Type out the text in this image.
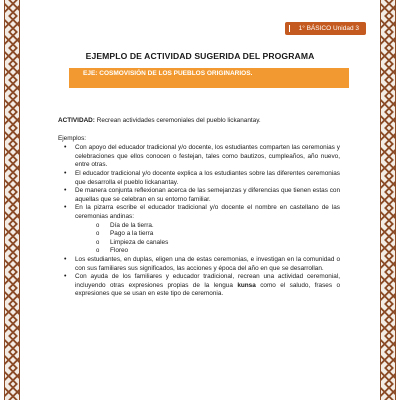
1° BÁSICO Unidad 3
EJEMPLO DE ACTIVIDAD SUGERIDA DEL PROGRAMA
EJE: COSMOVISIÓN DE LOS PUEBLOS ORIGINARIOS.

ACTIVIDAD: Recrean actividades ceremoniales del pueblo lickanantay.

Ejemplos:

• Con apoyo del educador tradicional y/o docente, los estudiantes comparten las ceremonias y celebraciones que ellos conocen o festejan, tales como bautizos, cumpleaños, año nuevo, entre otras.
• El educador tradicional y/o docente explica a los estudiantes sobre las diferentes ceremonias que desarrolla el pueblo lickanantay.
• De manera conjunta reflexionan acerca de las semejanzas y diferencias que tienen estas con aquellas que se celebran en su entorno familiar.
• En la pizarra escribe el educador tradicional y/o docente el nombre en castellano de las ceremonias andinas:
o Día de la tierra.
o Pago a la tierra
o Limpieza de canales
o Floreo
• Los estudiantes, en duplas, eligen una de estas ceremonias, e investigan en la comunidad o con sus familiares sus significados, las acciones y época del año en que se desarrollan.
• Con ayuda de los familiares y educador tradicional, recrean una actividad ceremonial, incluyendo otras expresiones propias de la lengua kunsa como el saludo, frases o expresiones que se usan en este tipo de ceremonia.
